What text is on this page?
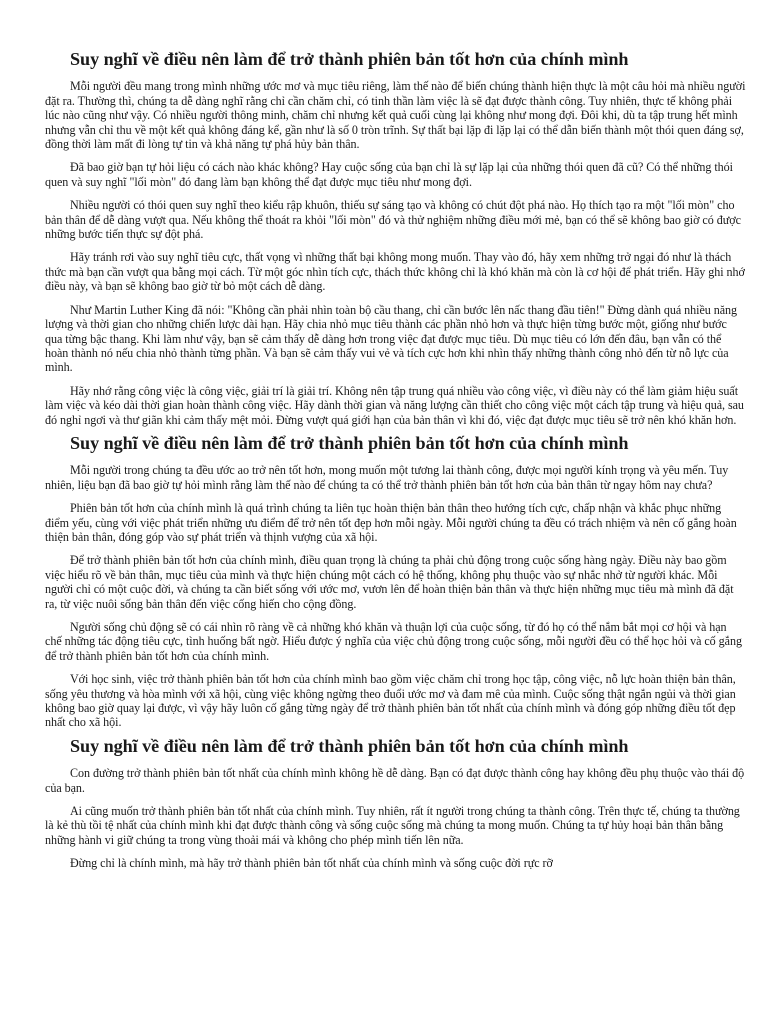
Suy nghĩ về điều nên làm để trở thành phiên bản tốt hơn của chính mình

Mỗi người đều mang trong mình những ước mơ và mục tiêu riêng, làm thế nào để biến chúng thành hiện thực là một câu hỏi mà nhiều người đặt ra. Thường thì, chúng ta dễ dàng nghĩ rằng chỉ cần chăm chỉ, có tinh thần làm việc là sẽ đạt được thành công. Tuy nhiên, thực tế không phải lúc nào cũng như vậy. Có nhiều người thông minh, chăm chỉ nhưng kết quả cuối cùng lại không như mong đợi. Đôi khi, dù ta tập trung hết mình nhưng vẫn chỉ thu về một kết quả không đáng kể, gần như là số 0 tròn trĩnh. Sự thất bại lặp đi lặp lại có thể dẫn biến thành một thói quen đáng sợ, đồng thời làm mất đi lòng tự tin và khả năng tự phá hủy bản thân.

Đã bao giờ bạn tự hỏi liệu có cách nào khác không? Hay cuộc sống của bạn chỉ là sự lặp lại của những thói quen đã cũ? Có thể những thói quen và suy nghĩ "lối mòn" đó đang làm bạn không thể đạt được mục tiêu như mong đợi.

Nhiều người có thói quen suy nghĩ theo kiểu rập khuôn, thiếu sự sáng tạo và không có chút đột phá nào. Họ thích tạo ra một "lối mòn" cho bản thân để dễ dàng vượt qua. Nếu không thể thoát ra khỏi "lối mòn" đó và thử nghiệm những điều mới mẻ, bạn có thể sẽ không bao giờ có được những bước tiến thực sự đột phá.

Hãy tránh rơi vào suy nghĩ tiêu cực, thất vọng vì những thất bại không mong muốn. Thay vào đó, hãy xem những trở ngại đó như là thách thức mà bạn cần vượt qua bằng mọi cách. Từ một góc nhìn tích cực, thách thức không chỉ là khó khăn mà còn là cơ hội để phát triển. Hãy ghi nhớ điều này, và bạn sẽ không bao giờ từ bỏ một cách dễ dàng.

Như Martin Luther King đã nói: "Không cần phải nhìn toàn bộ cầu thang, chỉ cần bước lên nấc thang đầu tiên!" Đừng dành quá nhiều năng lượng và thời gian cho những chiến lược dài hạn. Hãy chia nhỏ mục tiêu thành các phần nhỏ hơn và thực hiện từng bước một, giống như bước qua từng bậc thang. Khi làm như vậy, bạn sẽ cảm thấy dễ dàng hơn trong việc đạt được mục tiêu. Dù mục tiêu có lớn đến đâu, bạn vẫn có thể hoàn thành nó nếu chia nhỏ thành từng phần. Và bạn sẽ cảm thấy vui vẻ và tích cực hơn khi nhìn thấy những thành công nhỏ đến từ nỗ lực của mình.

Hãy nhớ rằng công việc là công việc, giải trí là giải trí. Không nên tập trung quá nhiều vào công việc, vì điều này có thể làm giảm hiệu suất làm việc và kéo dài thời gian hoàn thành công việc. Hãy dành thời gian và năng lượng cần thiết cho công việc một cách tập trung và hiệu quả, sau đó nghỉ ngơi và thư giãn khi cảm thấy mệt mỏi. Đừng vượt quá giới hạn của bản thân vì khi đó, việc đạt được mục tiêu sẽ trở nên khó khăn hơn.

Suy nghĩ về điều nên làm để trở thành phiên bản tốt hơn của chính mình

Mỗi người trong chúng ta đều ước ao trở nên tốt hơn, mong muốn một tương lai thành công, được mọi người kính trọng và yêu mến. Tuy nhiên, liệu bạn đã bao giờ tự hỏi mình rằng làm thế nào để chúng ta có thể trở thành phiên bản tốt hơn của bản thân từ ngay hôm nay chưa?

Phiên bản tốt hơn của chính mình là quá trình chúng ta liên tục hoàn thiện bản thân theo hướng tích cực, chấp nhận và khắc phục những điểm yếu, cùng với việc phát triển những ưu điểm để trở nên tốt đẹp hơn mỗi ngày. Mỗi người chúng ta đều có trách nhiệm và nên cố gắng hoàn thiện bản thân, đóng góp vào sự phát triển và thịnh vượng của xã hội.

Để trở thành phiên bản tốt hơn của chính mình, điều quan trọng là chúng ta phải chủ động trong cuộc sống hàng ngày. Điều này bao gồm việc hiểu rõ về bản thân, mục tiêu của mình và thực hiện chúng một cách có hệ thống, không phụ thuộc vào sự nhắc nhở từ người khác. Mỗi người chỉ có một cuộc đời, và chúng ta cần biết sống với ước mơ, vươn lên để hoàn thiện bản thân và thực hiện những mục tiêu mà mình đã đặt ra, từ việc nuôi sống bản thân đến việc cống hiến cho cộng đồng.

Người sống chủ động sẽ có cái nhìn rõ ràng về cả những khó khăn và thuận lợi của cuộc sống, từ đó họ có thể nắm bắt mọi cơ hội và hạn chế những tác động tiêu cực, tình huống bất ngờ. Hiểu được ý nghĩa của việc chủ động trong cuộc sống, mỗi người đều có thể học hỏi và cố gắng để trở thành phiên bản tốt hơn của chính mình.

Với học sinh, việc trở thành phiên bản tốt hơn của chính mình bao gồm việc chăm chỉ trong học tập, công việc, nỗ lực hoàn thiện bản thân, sống yêu thương và hòa mình với xã hội, cùng việc không ngừng theo đuổi ước mơ và đam mê của mình. Cuộc sống thật ngắn ngủi và thời gian không bao giờ quay lại được, vì vậy hãy luôn cố gắng từng ngày để trở thành phiên bản tốt nhất của chính mình và đóng góp những điều tốt đẹp nhất cho xã hội.

Suy nghĩ về điều nên làm để trở thành phiên bản tốt hơn của chính mình

Con đường trở thành phiên bản tốt nhất của chính mình không hề dễ dàng. Bạn có đạt được thành công hay không đều phụ thuộc vào thái độ của bạn.

Ai cũng muốn trở thành phiên bản tốt nhất của chính mình. Tuy nhiên, rất ít người trong chúng ta thành công. Trên thực tế, chúng ta thường là kẻ thù tồi tệ nhất của chính mình khi đạt được thành công và sống cuộc sống mà chúng ta mong muốn. Chúng ta tự hủy hoại bản thân bằng những hành vi giữ chúng ta trong vùng thoải mái và không cho phép mình tiến lên nữa.

Đừng chỉ là chính mình, mà hãy trở thành phiên bản tốt nhất của chính mình và sống cuộc đời rực rỡ
